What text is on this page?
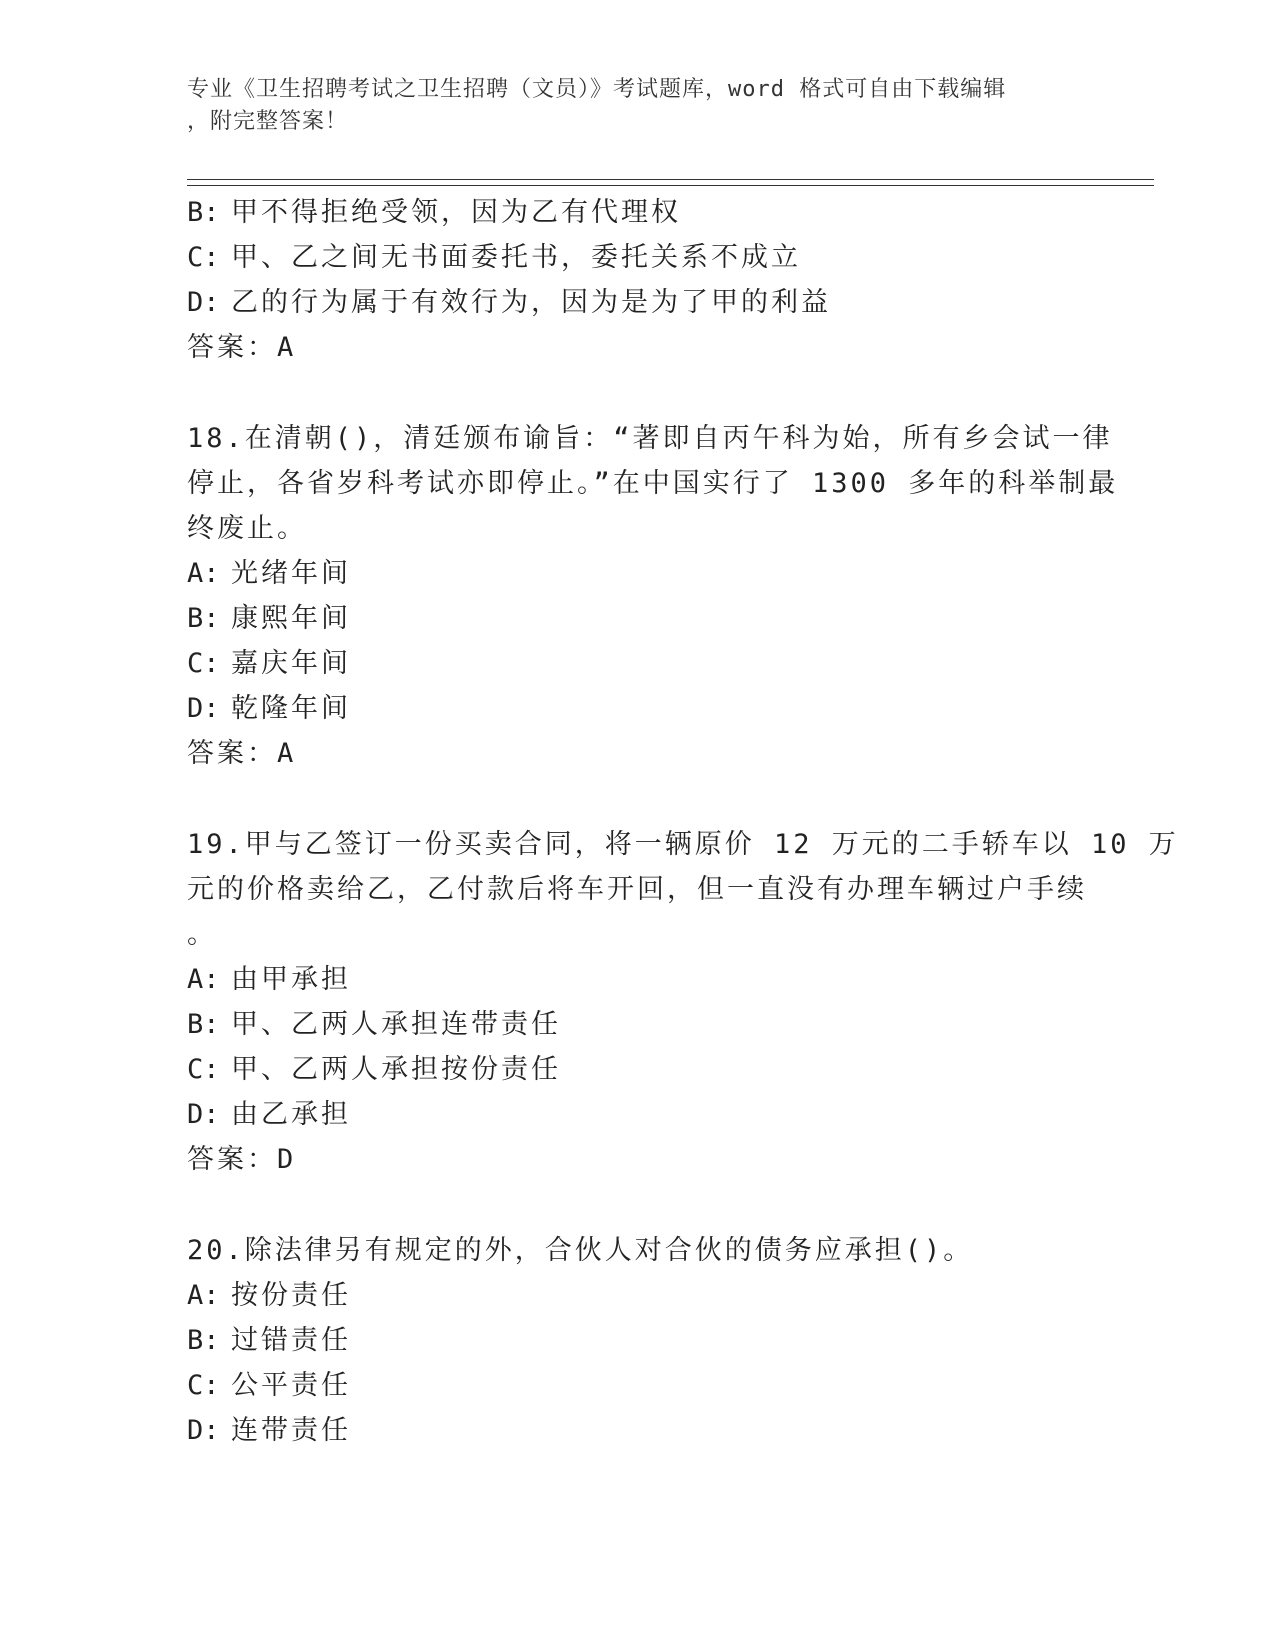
专业《卫生招聘考试之卫生招聘（文员）》考试题库，word 格式可自由下载编辑
，附完整答案！
B: 甲不得拒绝受领，因为乙有代理权
C: 甲、乙之间无书面委托书，委托关系不成立
D: 乙的行为属于有效行为，因为是为了甲的利益
答案：A
18.在清朝()，清廷颁布谕旨：“著即自丙午科为始，所有乡会试一律
停止，各省岁科考试亦即停止。”在中国实行了 1300 多年的科举制最
终废止。
A: 光绪年间
B: 康熙年间
C: 嘉庆年间
D: 乾隆年间
答案：A
19.甲与乙签订一份买卖合同，将一辆原价 12 万元的二手轿车以 10 万
元的价格卖给乙，乙付款后将车开回，但一直没有办理车辆过户手续
。
A: 由甲承担
B: 甲、乙两人承担连带责任
C: 甲、乙两人承担按份责任
D: 由乙承担
答案：D
20.除法律另有规定的外，合伙人对合伙的债务应承担()。
A: 按份责任
B: 过错责任
C: 公平责任
D: 连带责任
